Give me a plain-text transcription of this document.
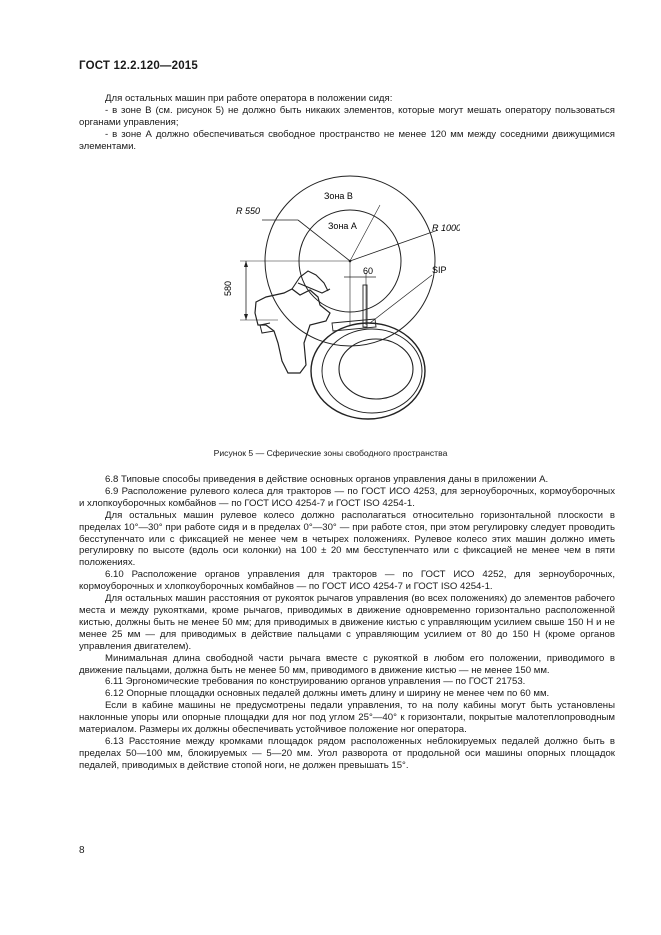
ГОСТ 12.2.120—2015

Для остальных машин при работе оператора в положении сидя:

- в зоне В (см. рисунок 5) не должно быть никаких элементов, которые могут мешать оператору пользоваться органами управления;

- в зоне А должно обеспечиваться свободное пространство не менее 120 мм между соседними движущимися элементами.

Зона В
Зона А
R 550
R 1000
60
580
SIP
Рисунок 5 — Сферические зоны свободного пространства

6.8 Типовые способы приведения в действие основных органов управления даны в приложении А.

6.9 Расположение рулевого колеса для тракторов — по ГОСТ ИСО 4253, для зерноуборочных, кормоуборочных и хлопкоуборочных комбайнов — по ГОСТ ИСО 4254-7 и ГОСТ ISO 4254-1.

Для остальных машин рулевое колесо должно располагаться относительно горизонтальной плоскости в пределах 10°—30° при работе сидя и в пределах 0°—30° — при работе стоя, при этом регулировку следует проводить бесступенчато или с фиксацией не менее чем в четырех положениях. Рулевое колесо этих машин должно иметь регулировку по высоте (вдоль оси колонки) на 100 ± 20 мм бесступенчато или с фиксацией не менее чем в пяти положениях.

6.10 Расположение органов управления для тракторов — по ГОСТ ИСО 4252, для зерноуборочных, кормоуборочных и хлопкоуборочных комбайнов — по ГОСТ ИСО 4254-7 и ГОСТ ISO 4254-1.

Для остальных машин расстояния от рукояток рычагов управления (во всех положениях) до элементов рабочего места и между рукоятками, кроме рычагов, приводимых в движение одновременно горизонтально расположенной кистью, должны быть не менее 50 мм; для приводимых в движение кистью с управляющим усилием свыше 150 Н и не менее 25 мм — для приводимых в действие пальцами с управляющим усилием от 80 до 150 Н (кроме органов управления двигателем).

Минимальная длина свободной части рычага вместе с рукояткой в любом его положении, приводимого в движение пальцами, должна быть не менее 50 мм, приводимого в движение кистью — не менее 150 мм.

6.11 Эргономические требования по конструированию органов управления — по ГОСТ 21753.

6.12 Опорные площадки основных педалей должны иметь длину и ширину не менее чем по 60 мм.

Если в кабине машины не предусмотрены педали управления, то на полу кабины могут быть установлены наклонные упоры или опорные площадки для ног под углом 25°—40° к горизонтали, покрытые малотеплопроводным материалом. Размеры их должны обеспечивать устойчивое положение ног оператора.

6.13 Расстояние между кромками площадок рядом расположенных неблокируемых педалей должно быть в пределах 50—100 мм, блокируемых — 5—20 мм. Угол разворота от продольной оси машины опорных площадок педалей, приводимых в действие стопой ноги, не должен превышать 15°.

8
